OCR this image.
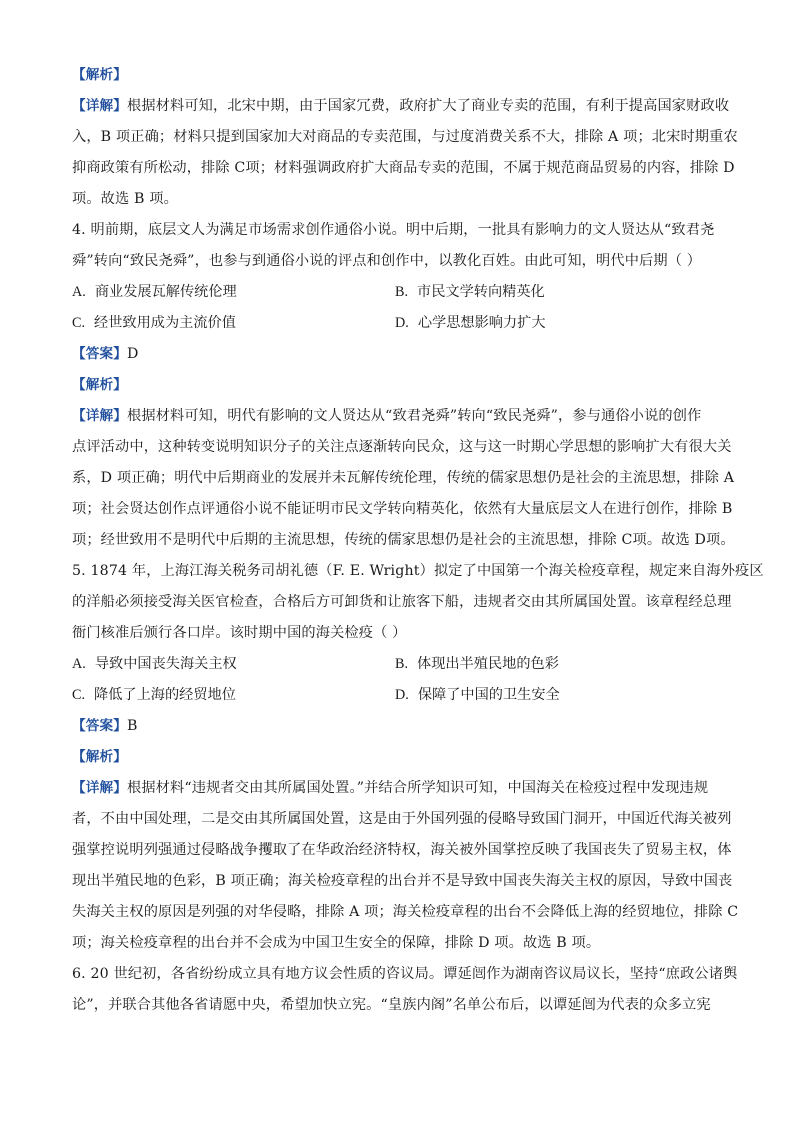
【解析】
【详解】根据材料可知，北宋中期，由于国家冗费，政府扩大了商业专卖的范围，有利于提高国家财政收
入，B 项正确；材料只提到国家加大对商品的专卖范围，与过度消费关系不大，排除 A 项；北宋时期重农
抑商政策有所松动，排除 C项；材料强调政府扩大商品专卖的范围，不属于规范商品贸易的内容，排除 D
项。故选 B 项。
4. 明前期，底层文人为满足市场需求创作通俗小说。明中后期，一批具有影响力的文人贤达从“致君尧
舜”转向“致民尧舜”，也参与到通俗小说的评点和创作中，以教化百姓。由此可知，明代中后期（ ）
A. 商业发展瓦解传统伦理	B. 市民文学转向精英化
C. 经世致用成为主流价值	D. 心学思想影响力扩大
【答案】D
【解析】
【详解】根据材料可知，明代有影响的文人贤达从“致君尧舜”转向“致民尧舜”，参与通俗小说的创作
点评活动中，这种转变说明知识分子的关注点逐渐转向民众，这与这一时期心学思想的影响扩大有很大关
系，D 项正确；明代中后期商业的发展并未瓦解传统伦理，传统的儒家思想仍是社会的主流思想，排除 A
项；社会贤达创作点评通俗小说不能证明市民文学转向精英化，依然有大量底层文人在进行创作，排除 B
项；经世致用不是明代中后期的主流思想，传统的儒家思想仍是社会的主流思想，排除 C项。故选 D项。
5. 1874 年，上海江海关税务司胡礼德（F. E. Wright）拟定了中国第一个海关检疫章程，规定来自海外疫区
的洋船必须接受海关医官检查，合格后方可卸货和让旅客下船，违规者交由其所属国处置。该章程经总理
衙门核准后颁行各口岸。该时期中国的海关检疫（ ）
A. 导致中国丧失海关主权	B. 体现出半殖民地的色彩
C. 降低了上海的经贸地位	D. 保障了中国的卫生安全
【答案】B
【解析】
【详解】根据材料“违规者交由其所属国处置。”并结合所学知识可知，中国海关在检疫过程中发现违规
者，不由中国处理，二是交由其所属国处置，这是由于外国列强的侵略导致国门洞开，中国近代海关被列
强掌控说明列强通过侵略战争攫取了在华政治经济特权，海关被外国掌控反映了我国丧失了贸易主权，体
现出半殖民地的色彩，B 项正确；海关检疫章程的出台并不是导致中国丧失海关主权的原因，导致中国丧
失海关主权的原因是列强的对华侵略，排除 A 项；海关检疫章程的出台不会降低上海的经贸地位，排除 C
项；海关检疫章程的出台并不会成为中国卫生安全的保障，排除 D 项。故选 B 项。
6. 20 世纪初，各省纷纷成立具有地方议会性质的咨议局。谭延闿作为湖南咨议局议长，坚持“庶政公诸舆
论”，并联合其他各省请愿中央，希望加快立宪。“皇族内阁”名单公布后，以谭延闿为代表的众多立宪
